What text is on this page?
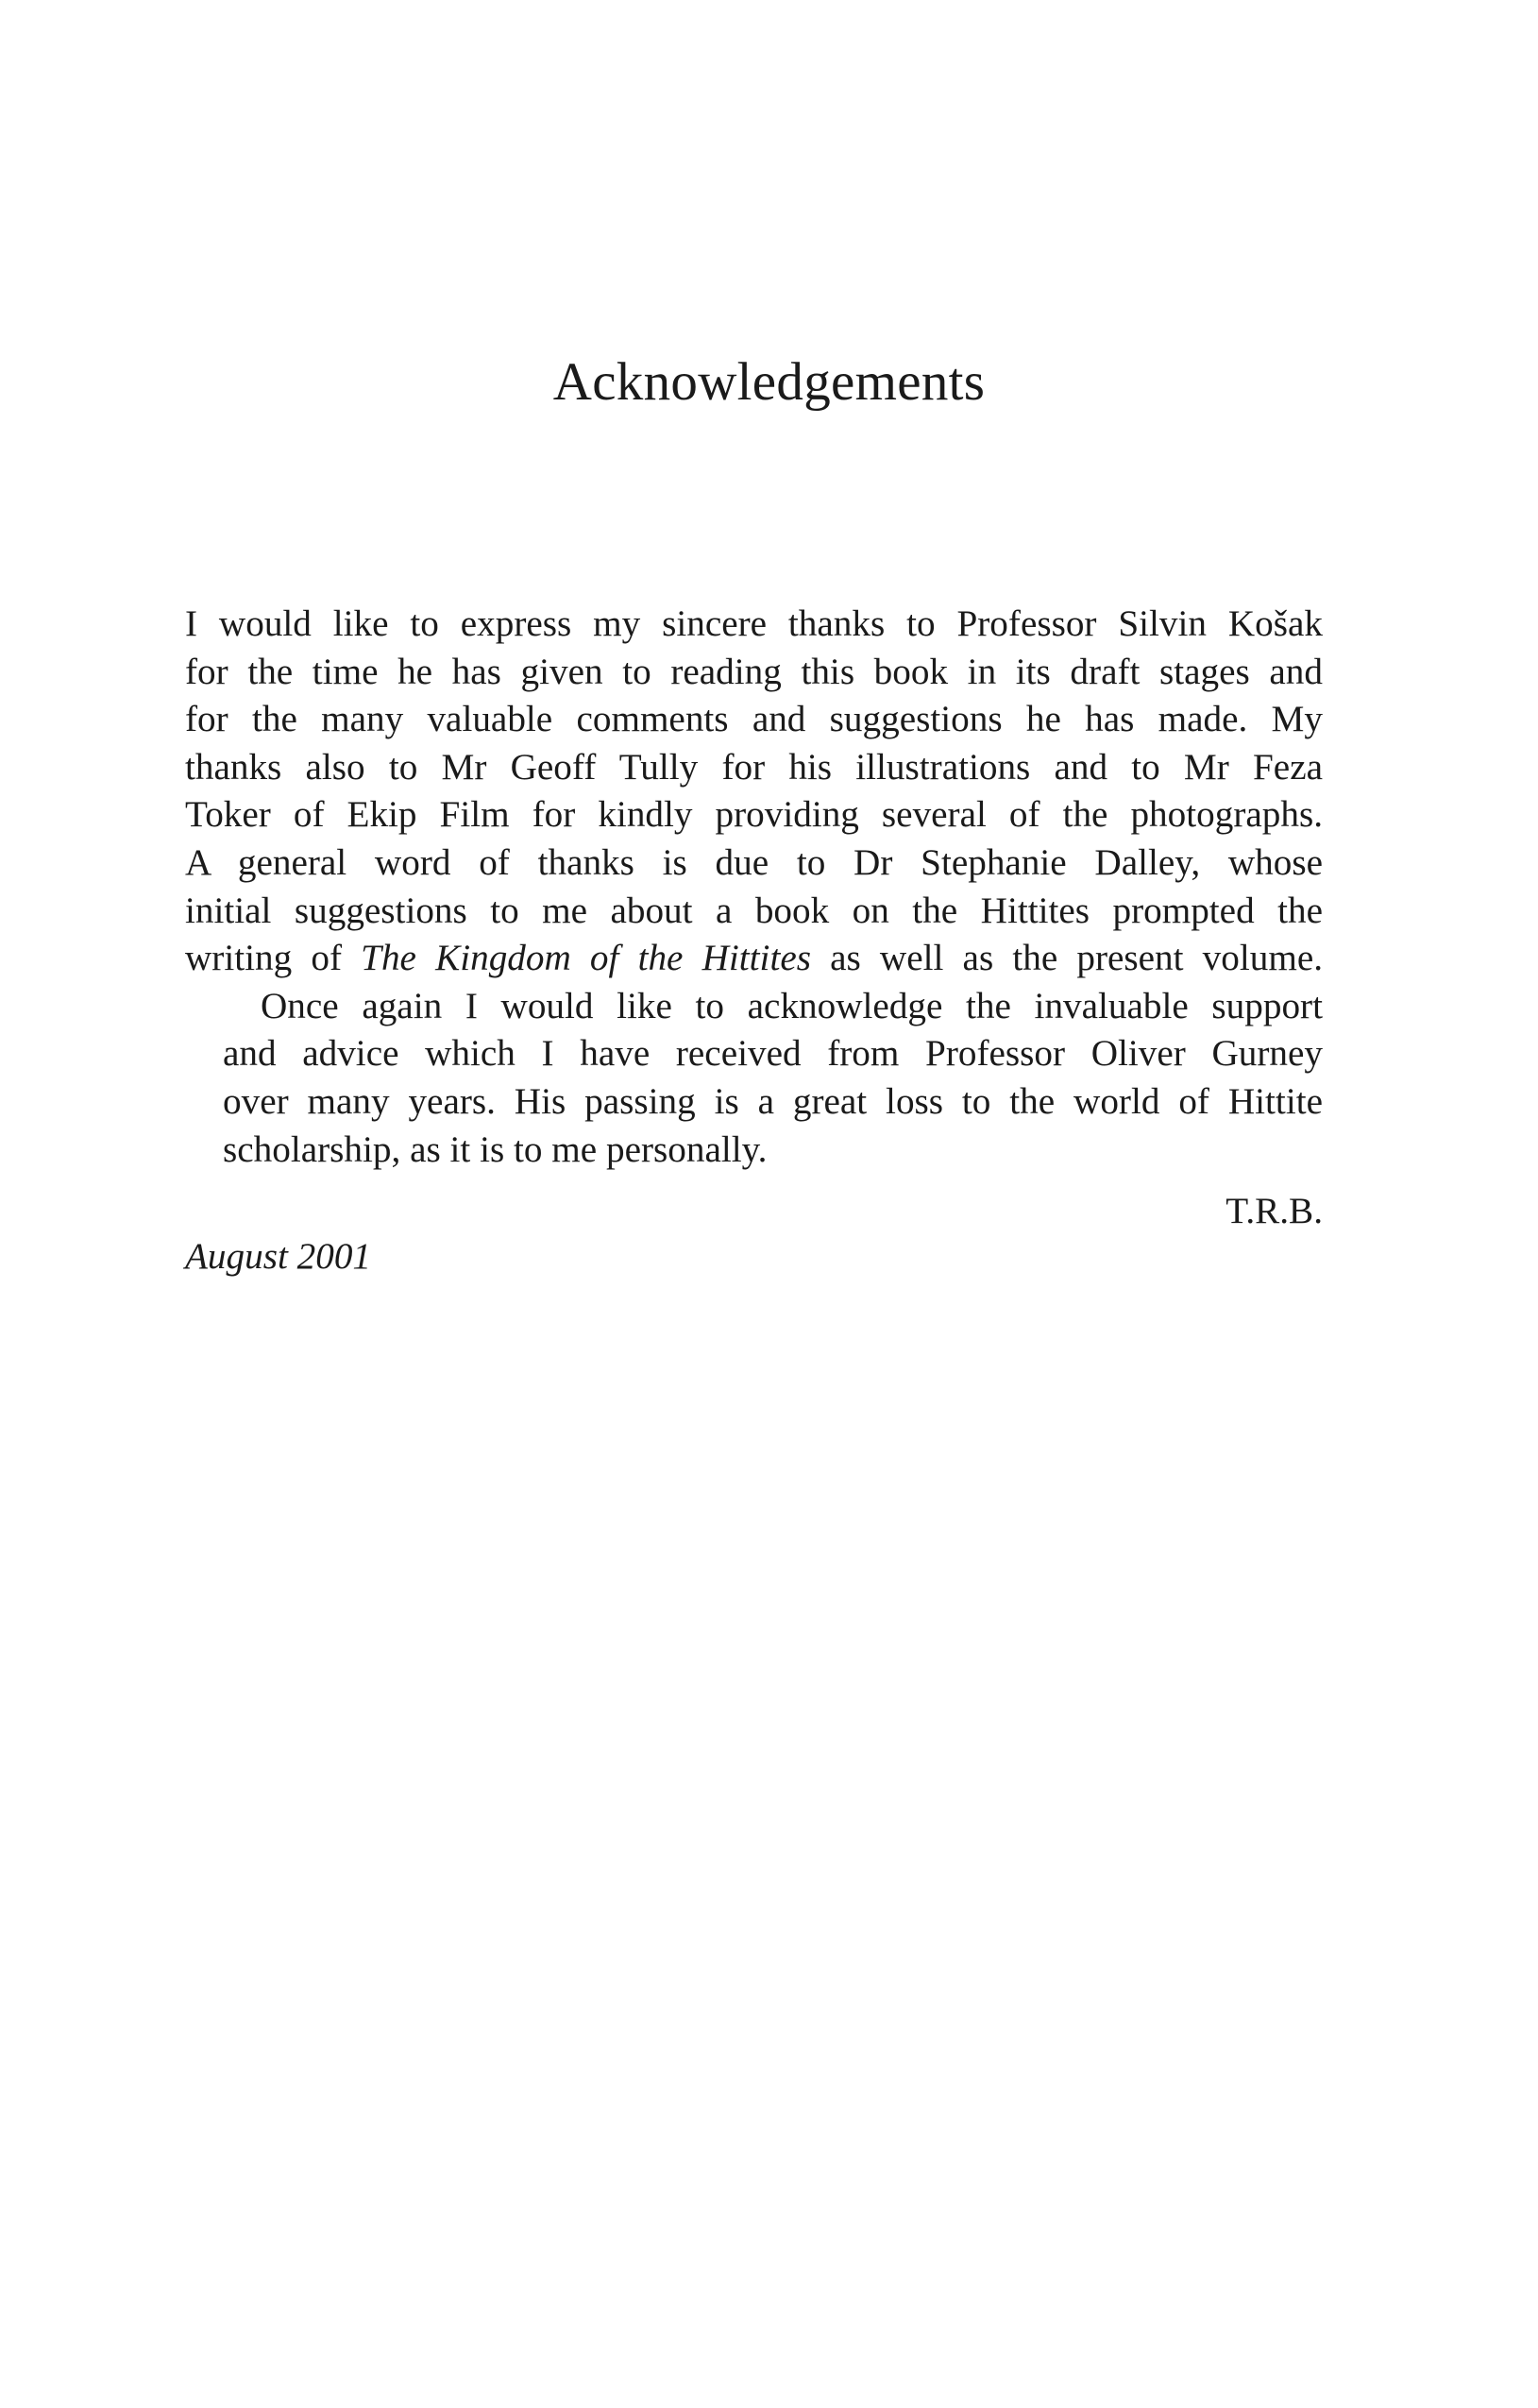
Acknowledgements

I would like to express my sincere thanks to Professor Silvin Košak
for the time he has given to reading this book in its draft stages and
for the many valuable comments and suggestions he has made. My
thanks also to Mr Geoff Tully for his illustrations and to Mr Feza
Toker of Ekip Film for kindly providing several of the photographs.
A general word of thanks is due to Dr Stephanie Dalley, whose
initial suggestions to me about a book on the Hittites prompted the
writing of The Kingdom of the Hittites as well as the present volume.

Once again I would like to acknowledge the invaluable support
and advice which I have received from Professor Oliver Gurney
over many years. His passing is a great loss to the world of Hittite
scholarship, as it is to me personally.

T.R.B.
August 2001
